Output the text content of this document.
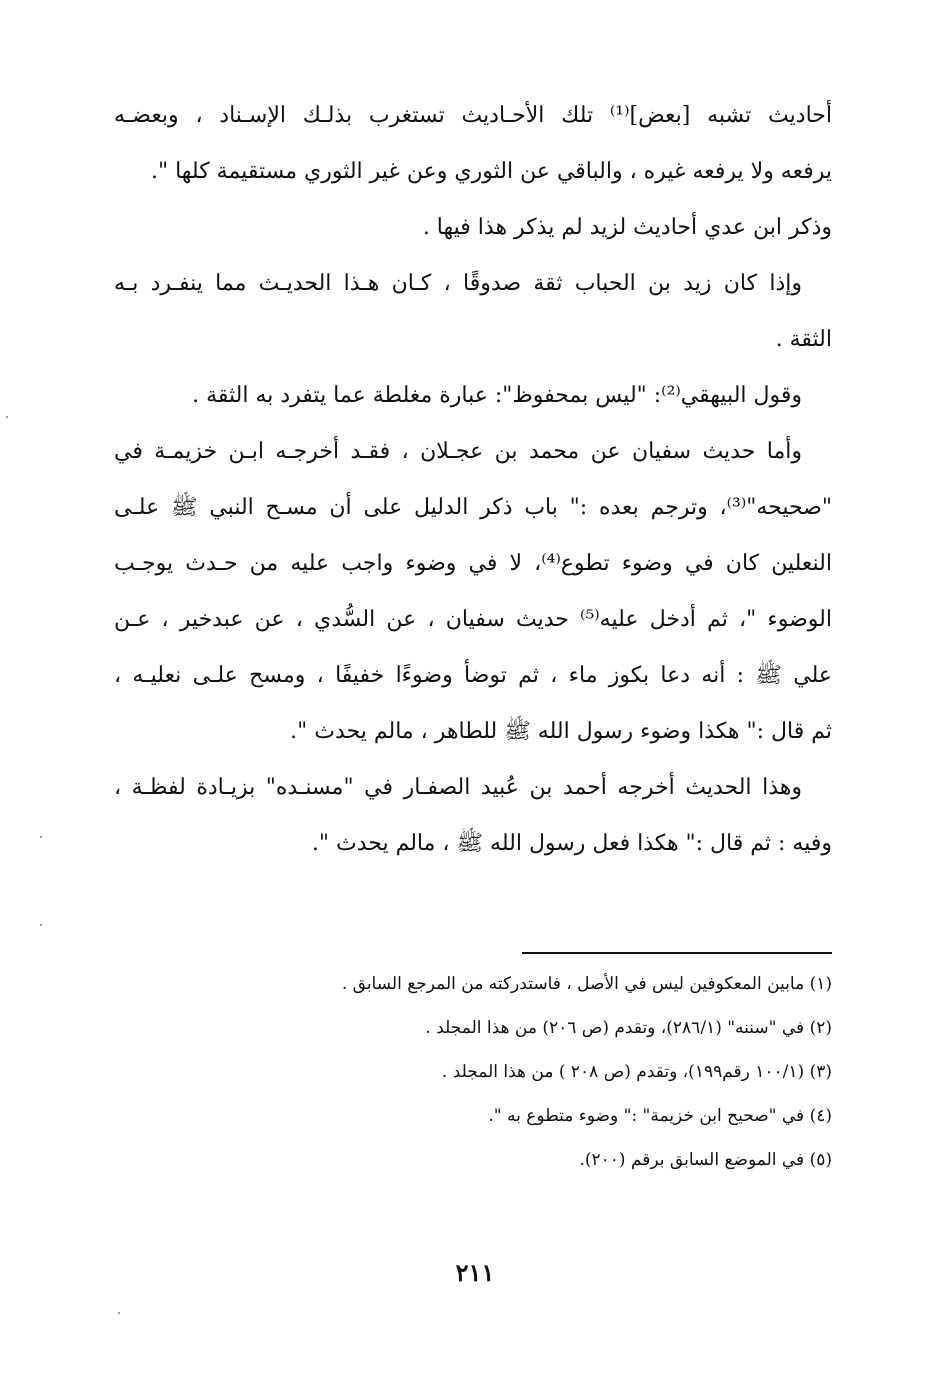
أحاديث تشبه [بعض]⁽¹⁾ تلك الأحـاديث تستغرب بذلـك الإسـناد ، وبعضـه
يرفعه ولا يرفعه غيره ، والباقي عن الثوري وعن غير الثوري مستقيمة كلها ".
وذكر ابن عدي أحاديث لزيد لم يذكر هذا فيها .
وإذا كان زيد بن الحباب ثقة صدوقًا ، كـان هـذا الحديـث مما ينفـرد بـه
الثقة .
وقول البيهقي⁽²⁾: "ليس بمحفوظ": عبارة مغلطة عما يتفرد به الثقة .
وأما حديث سفيان عن محمد بن عجـلان ، فقـد أخرجـه ابـن خزيمـة في
"صحيحه"⁽³⁾، وترجم بعده :" باب ذكر الدليل على أن مسـح النبي ﷺ علـى
النعلين كان في وضوء تطوع⁽⁴⁾، لا في وضوء واجب عليه من حـدث يوجـب
الوضوء "، ثم أدخل عليه⁽⁵⁾ حديث سفيان ، عن السُّدي ، عن عبدخير ، عـن
علي ﷺ : أنه دعا بكوز ماء ، ثم توضأ وضوءًا خفيفًا ، ومسح علـى نعليـه ،
ثم قال :" هكذا وضوء رسول الله ﷺ للطاهر ، مالم يحدث ".
وهذا الحديث أخرجه أحمد بن عُبيد الصفـار في "مسنـده" بزيـادة لفظـة ،
وفيه : ثم قال :" هكذا فعل رسول الله ﷺ ، مالم يحدث ".
(١) مابين المعكوفين ليس في الأصل ، فاستدركته من المرجع السابق .
(٢) في "سننه" (٢٨٦/١)، وتقدم (ص ٢٠٦) من هذا المجلد .
(٣) (١٠٠/١ رقم١٩٩)، وتقدم (ص ٢٠٨ ) من هذا المجلد .
(٤) في "صحيح ابن خزيمة" :" وضوء متطوع به ".
(٥) في الموضع السابق برقم (٢٠٠).
٢١١
